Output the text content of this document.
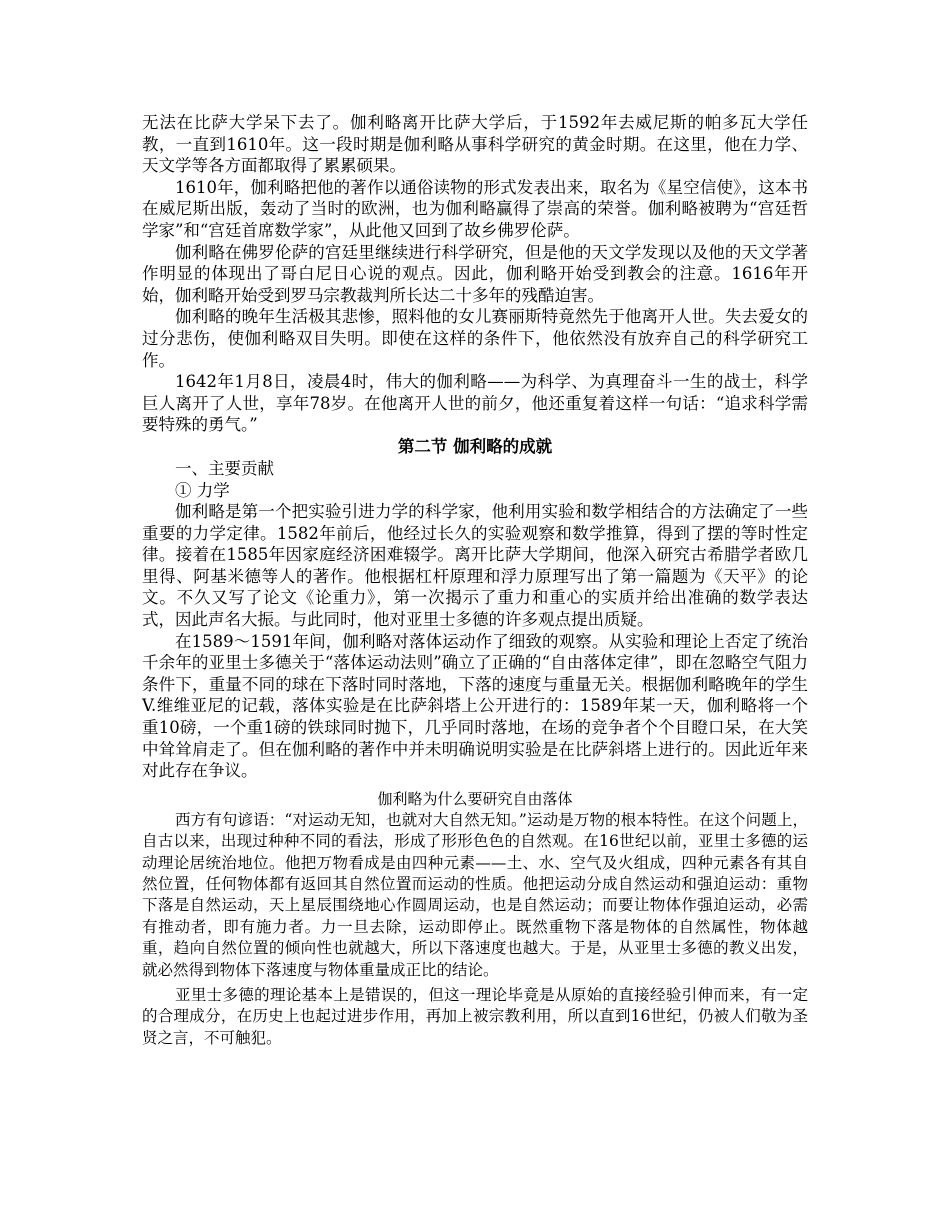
无法在比萨大学呆下去了。伽利略离开比萨大学后，于1592年去威尼斯的帕多瓦大学任教，一直到1610年。这一段时期是伽利略从事科学研究的黄金时期。在这里，他在力学、天文学等各方面都取得了累累硕果。

1610年，伽利略把他的著作以通俗读物的形式发表出来，取名为《星空信使》，这本书在威尼斯出版，轰动了当时的欧洲，也为伽利略赢得了崇高的荣誉。伽利略被聘为“宫廷哲学家”和“宫廷首席数学家”，从此他又回到了故乡佛罗伦萨。

伽利略在佛罗伦萨的宫廷里继续进行科学研究，但是他的天文学发现以及他的天文学著作明显的体现出了哥白尼日心说的观点。因此，伽利略开始受到教会的注意。1616年开始，伽利略开始受到罗马宗教裁判所长达二十多年的残酷迫害。

伽利略的晚年生活极其悲惨，照料他的女儿赛丽斯特竟然先于他离开人世。失去爱女的过分悲伤，使伽利略双目失明。即使在这样的条件下，他依然没有放弃自己的科学研究工作。

1642年1月8日，凌晨4时，伟大的伽利略——为科学、为真理奋斗一生的战士，科学巨人离开了人世，享年78岁。在他离开人世的前夕，他还重复着这样一句话：“追求科学需要特殊的勇气。”

第二节 伽利略的成就

一、主要贡献

① 力学

伽利略是第一个把实验引进力学的科学家，他利用实验和数学相结合的方法确定了一些重要的力学定律。1582年前后，他经过长久的实验观察和数学推算，得到了摆的等时性定律。接着在1585年因家庭经济困难辍学。离开比萨大学期间，他深入研究古希腊学者欧几里得、阿基米德等人的著作。他根据杠杆原理和浮力原理写出了第一篇题为《天平》的论文。不久又写了论文《论重力》，第一次揭示了重力和重心的实质并给出准确的数学表达式，因此声名大振。与此同时，他对亚里士多德的许多观点提出质疑。

在1589～1591年间，伽利略对落体运动作了细致的观察。从实验和理论上否定了统治千余年的亚里士多德关于“落体运动法则”确立了正确的“自由落体定律”，即在忽略空气阻力条件下，重量不同的球在下落时同时落地，下落的速度与重量无关。根据伽利略晚年的学生V.维维亚尼的记载，落体实验是在比萨斜塔上公开进行的：1589年某一天，伽利略将一个重10磅，一个重1磅的铁球同时抛下，几乎同时落地，在场的竞争者个个目瞪口呆，在大笑中耸耸肩走了。但在伽利略的著作中并未明确说明实验是在比萨斜塔上进行的。因此近年来对此存在争议。

伽利略为什么要研究自由落体

西方有句谚语：“对运动无知，也就对大自然无知。”运动是万物的根本特性。在这个问题上，自古以来，出现过种种不同的看法，形成了形形色色的自然观。在16世纪以前，亚里士多德的运动理论居统治地位。他把万物看成是由四种元素——土、水、空气及火组成，四种元素各有其自然位置，任何物体都有返回其自然位置而运动的性质。他把运动分成自然运动和强迫运动：重物下落是自然运动，天上星辰围绕地心作圆周运动，也是自然运动；而要让物体作强迫运动，必需有推动者，即有施力者。力一旦去除，运动即停止。既然重物下落是物体的自然属性，物体越重，趋向自然位置的倾向性也就越大，所以下落速度也越大。于是，从亚里士多德的教义出发，就必然得到物体下落速度与物体重量成正比的结论。

亚里士多德的理论基本上是错误的，但这一理论毕竟是从原始的直接经验引伸而来，有一定的合理成分，在历史上也起过进步作用，再加上被宗教利用，所以直到16世纪，仍被人们敬为圣贤之言，不可触犯。
